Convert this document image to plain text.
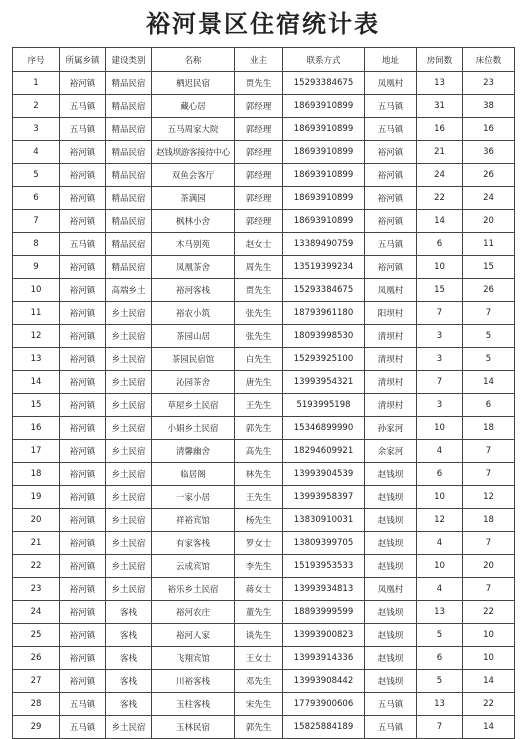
裕河景区住宿统计表
序号	所属乡镇	建设类别	名称	业主	联系方式	地址	房间数	床位数
1	裕河镇	精品民宿	栖迟民宿	贾先生	15293384675	凤凰村	13	23
2	五马镇	精品民宿	藏心居	郭经理	18693910899	五马镇	31	38
3	五马镇	精品民宿	五马周家大院	郭经理	18693910899	五马镇	16	16
4	裕河镇	精品民宿	赵钱坝游客接待中心	郭经理	18693910899	裕河镇	21	36
5	裕河镇	精品民宿	双鱼会客厅	郭经理	18693910899	裕河镇	24	26
6	裕河镇	精品民宿	茶满园	郭经理	18693910899	裕河镇	22	24
7	裕河镇	精品民宿	枫林小舍	郭经理	18693910899	裕河镇	14	20
8	五马镇	精品民宿	木马别苑	赵女士	13389490759	五马镇	6	11
9	裕河镇	精品民宿	凤凰茶舍	周先生	13519399234	裕河镇	10	15
10	裕河镇	高端乡土	裕河客栈	贾先生	15293384675	凤凰村	15	26
11	裕河镇	乡土民宿	裕农小筑	张先生	18793961180	阳坝村	7	7
12	裕河镇	乡土民宿	茶园山居	张先生	18093998530	清坝村	3	5
13	裕河镇	乡土民宿	茶园民宿馆	白先生	15293925100	清坝村	3	5
14	裕河镇	乡土民宿	沁园茶舍	唐先生	13993954321	清坝村	7	14
15	裕河镇	乡土民宿	草屋乡土民宿	王先生	5193995198	清坝村	3	6
16	裕河镇	乡土民宿	小娟乡土民宿	郭先生	15346899990	孙家河	10	18
17	裕河镇	乡土民宿	清馨幽舍	高先生	18294609921	余家河	4	7
18	裕河镇	乡土民宿	临居阁	林先生	13993904539	赵钱坝	6	7
19	裕河镇	乡土民宿	一家小居	王先生	13993958397	赵钱坝	10	12
20	裕河镇	乡土民宿	祥裕宾馆	杨先生	13830910031	赵钱坝	12	18
21	裕河镇	乡土民宿	有家客栈	罗女士	13809399705	赵钱坝	4	7
22	裕河镇	乡土民宿	云成宾馆	李先生	15193953533	赵钱坝	10	20
23	裕河镇	乡土民宿	裕乐乡土民宿	蒋女士	13993934813	凤凰村	4	7
24	裕河镇	客栈	裕河农庄	董先生	18893999599	赵钱坝	13	22
25	裕河镇	客栈	裕河人家	谈先生	13993900823	赵钱坝	5	10
26	裕河镇	客栈	飞翔宾馆	王女士	13993914336	赵钱坝	6	10
27	裕河镇	客栈	川裕客栈	邓先生	13993908442	赵钱坝	5	14
28	五马镇	客栈	玉柱客栈	宋先生	17793900606	五马镇	13	22
29	五马镇	乡土民宿	玉林民宿	郭先生	15825884189	五马镇	7	14
